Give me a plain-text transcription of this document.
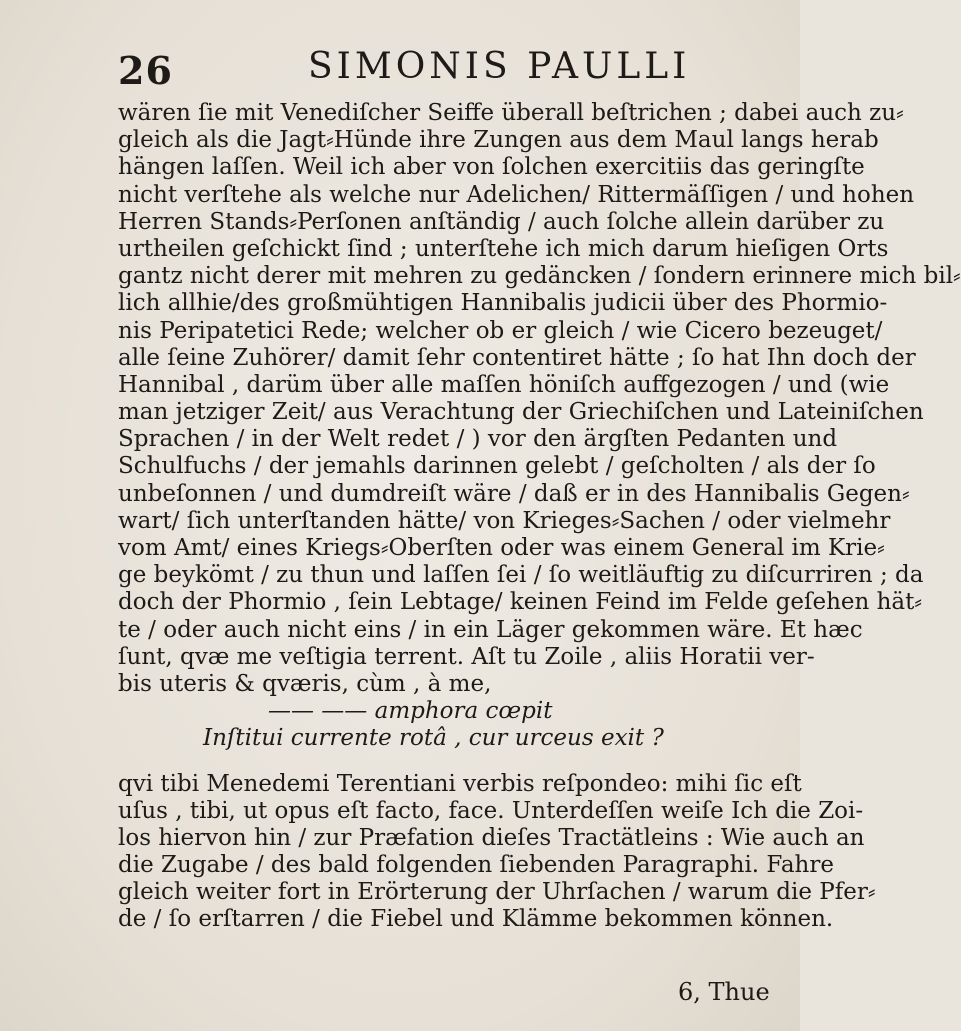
26	SIMONIS PAULLI
wären ſie mit Venediſcher Seiffe überall beſtrichen ; dabei auch zu⸗
gleich als die Jagt⸗Hünde ihre Zungen aus dem Maul langs herab
hängen laſſen. Weil ich aber von ſolchen exercitiis das geringſte
nicht verſtehe als welche nur Adelichen/ Rittermäſſigen / und hohen
Herren Stands⸗Perſonen anſtändig / auch ſolche allein darüber zu
urtheilen geſchickt ſind ; unterſtehe ich mich darum hieſigen Orts
gantz nicht derer mit mehren zu gedäncken / ſondern erinnere mich bil⸗
lich allhie/des großmühtigen Hannibalis judicii über des Phormio-
nis Peripatetici Rede; welcher ob er gleich / wie Cicero bezeuget/
alle ſeine Zuhörer/ damit ſehr contentiret hätte ; ſo hat Ihn doch der
Hannibal , darüm über alle maſſen höniſch auffgezogen / und (wie
man jetziger Zeit/ aus Verachtung der Griechiſchen und Lateiniſchen
Sprachen / in der Welt redet / ) vor den ärgſten Pedanten und
Schulfuchs / der jemahls darinnen gelebt / geſcholten / als der ſo
unbeſonnen / und dumdreiſt wäre / daß er in des Hannibalis Gegen⸗
wart/ ſich unterſtanden hätte/ von Krieges⸗Sachen / oder vielmehr
vom Amt/ eines Kriegs⸗Oberſten oder was einem General im Krie⸗
ge beykömt / zu thun und laſſen ſei / ſo weitläuftig zu diſcurriren ; da
doch der Phormio , ſein Lebtage/ keinen Feind im Felde geſehen hät⸗
te / oder auch nicht eins / in ein Läger gekommen wäre. Et hæc
ſunt, qvæ me veſtigia terrent. Aſt tu Zoile , aliis Horatii ver-
bis uteris & qværis, cùm , à me,
—— —— amphora cœpit
Inſtitui currente rotâ , cur urceus exit ?
qvi tibi Menedemi Terentiani verbis reſpondeo: mihi ſic eſt
uſus , tibi, ut opus eſt facto, face. Unterdeſſen weiſe Ich die Zoi-
los hiervon hin / zur Præfation dieſes Tractätleins : Wie auch an
die Zugabe / des bald folgenden ſiebenden Paragraphi. Fahre
gleich weiter fort in Erörterung der Uhrſachen / warum die Pfer⸗
de / ſo erſtarren / die Fiebel und Klämme bekommen können.
6, Thue
